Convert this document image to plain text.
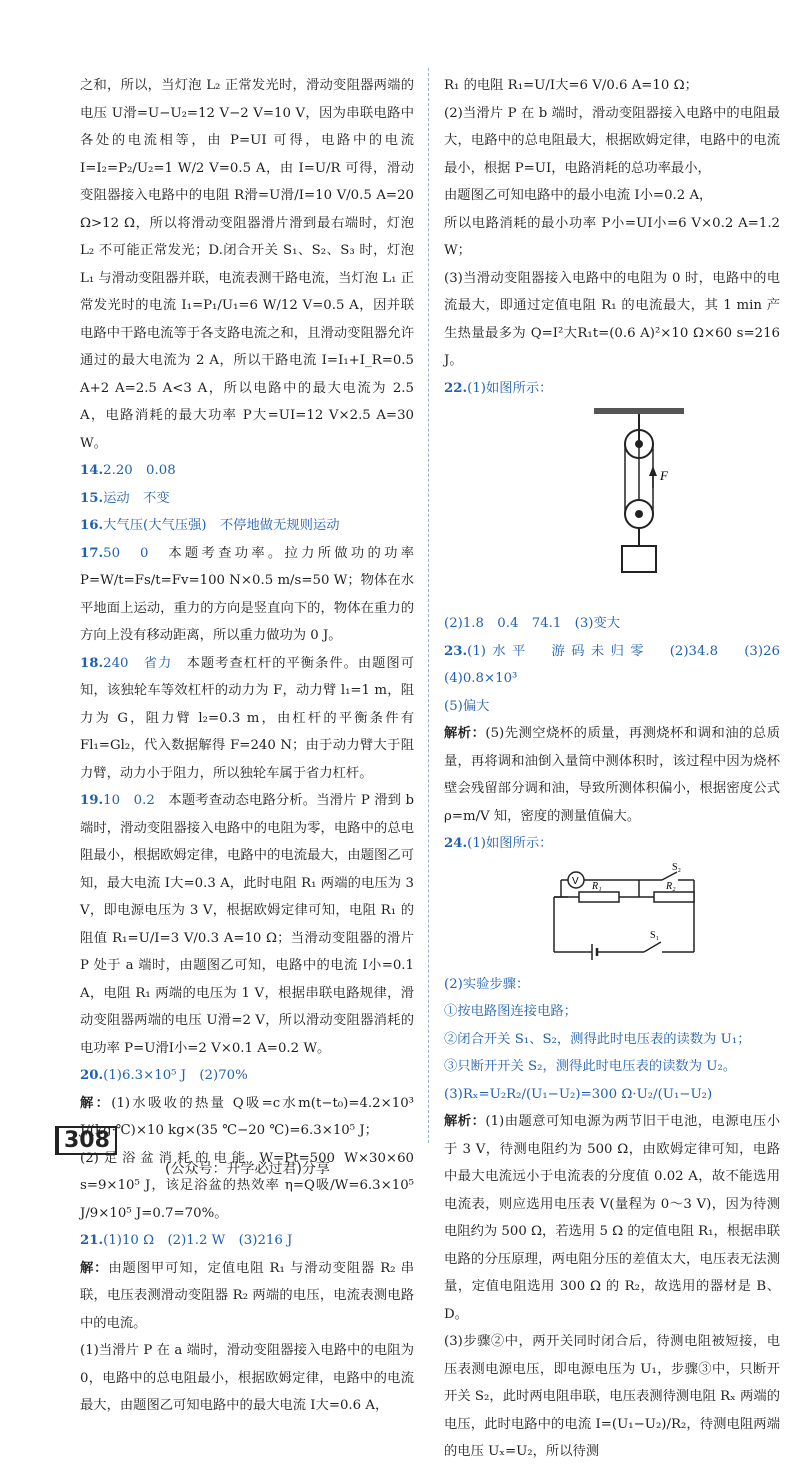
之和，所以，当灯泡 L₂ 正常发光时，滑动变阻器两端的电压 U滑=U−U₂=12 V−2 V=10 V，因为串联电路中各处的电流相等，由 P=UI 可得，电路中的电流 I=I₂=P₂/U₂=1 W/2 V=0.5 A，由 I=U/R 可得，滑动变阻器接入电路中的电阻 R滑=U滑/I=10 V/0.5 A=20 Ω>12 Ω，所以将滑动变阻器滑片滑到最右端时，灯泡 L₂ 不可能正常发光；D.闭合开关 S₁、S₂、S₃ 时，灯泡 L₁ 与滑动变阻器并联，电流表测干路电流，当灯泡 L₁ 正常发光时的电流 I₁=P₁/U₁=6 W/12 V=0.5 A，因并联电路中干路电流等于各支路电流之和，且滑动变阻器允许通过的最大电流为 2 A，所以干路电流 I=I₁+I_R=0.5 A+2 A=2.5 A<3 A，所以电路中的最大电流为 2.5 A，电路消耗的最大功率 P大=UI=12 V×2.5 A=30 W。
14.2.20　0.08
15.运动　不变
16.大气压(大气压强)　不停地做无规则运动
17.50　0　 本题考查功率。拉力所做功的功率 P=W/t=Fs/t=Fv=100 N×0.5 m/s=50 W；物体在水平地面上运动，重力的方向是竖直向下的，物体在重力的方向上没有移动距离，所以重力做功为 0 J。
18.240　省力　 本题考查杠杆的平衡条件。由题图可知，该独轮车等效杠杆的动力为 F，动力臂 l₁=1 m，阻力为 G，阻力臂 l₂=0.3 m，由杠杆的平衡条件有 Fl₁=Gl₂，代入数据解得 F=240 N；由于动力臂大于阻力臂，动力小于阻力，所以独轮车属于省力杠杆。
19.10　0.2　 本题考查动态电路分析。当滑片 P 滑到 b 端时，滑动变阻器接入电路中的电阻为零，电路中的总电阻最小，根据欧姆定律，电路中的电流最大，由题图乙可知，最大电流 I大=0.3 A，此时电阻 R₁ 两端的电压为 3 V，即电源电压为 3 V，根据欧姆定律可知，电阻 R₁ 的阻值 R₁=U/I=3 V/0.3 A=10 Ω；当滑动变阻器的滑片 P 处于 a 端时，由题图乙可知，电路中的电流 I小=0.1 A，电阻 R₁ 两端的电压为 1 V，根据串联电路规律，滑动变阻器两端的电压 U滑=2 V，所以滑动变阻器消耗的电功率 P=U滑I小=2 V×0.1 A=0.2 W。
20.(1)6.3×10⁵ J　(2)70%
解：(1)水吸收的热量 Q吸=c水m(t−t₀)=4.2×10³ J/(kg·℃)×10 kg×(35 ℃−20 ℃)=6.3×10⁵ J；
(2)足浴盆消耗的电能 W=Pt=500 W×30×60 s=9×10⁵ J，该足浴盆的热效率 η=Q吸/W=6.3×10⁵ J/9×10⁵ J=0.7=70%。
21.(1)10 Ω　(2)1.2 W　(3)216 J
解：由题图甲可知，定值电阻 R₁ 与滑动变阻器 R₂ 串联，电压表测滑动变阻器 R₂ 两端的电压，电流表测电路中的电流。
(1)当滑片 P 在 a 端时，滑动变阻器接入电路中的电阻为 0，电路中的总电阻最小，根据欧姆定律，电路中的电流最大，由题图乙可知电路中的最大电流 I大=0.6 A，
R₁ 的电阻 R₁=U/I大=6 V/0.6 A=10 Ω；
(2)当滑片 P 在 b 端时，滑动变阻器接入电路中的电阻最大，电路中的总电阻最大，根据欧姆定律，电路中的电流最小，根据 P=UI，电路消耗的总功率最小，
由题图乙可知电路中的最小电流 I小=0.2 A，
所以电路消耗的最小功率 P小=UI小=6 V×0.2 A=1.2 W；
(3)当滑动变阻器接入电路中的电阻为 0 时，电路中的电流最大，即通过定值电阻 R₁ 的电流最大，其 1 min 产生热量最多为 Q=I²大R₁t=(0.6 A)²×10 Ω×60 s=216 J。
22.(1)如图所示：
F
(2)1.8　0.4　74.1　(3)变大
23.(1)水平　游码未归零　(2)34.8　(3)26　(4)0.8×10³
(5)偏大
解析：(5)先测空烧杯的质量，再测烧杯和调和油的总质量，再将调和油倒入量筒中测体积时，该过程中因为烧杯壁会残留部分调和油，导致所测体积偏小，根据密度公式 ρ=m/V 知，密度的测量值偏大。
24.(1)如图所示：
V
S₂
R₁	R₂
S₁
(2)实验步骤：
①按电路图连接电路；
②闭合开关 S₁、S₂，测得此时电压表的读数为 U₁；
③只断开开关 S₂，测得此时电压表的读数为 U₂。
(3)Rₓ=U₂R₂/(U₁−U₂)=300 Ω·U₂/(U₁−U₂)
解析：(1)由题意可知电源为两节旧干电池，电源电压小于 3 V，待测电阻约为 500 Ω，由欧姆定律可知，电路中最大电流远小于电流表的分度值 0.02 A，故不能选用电流表，则应选用电压表 V(量程为 0～3 V)，因为待测电阻约为 500 Ω，若选用 5 Ω 的定值电阻 R₁，根据串联电路的分压原理，两电阻分压的差值太大，电压表无法测量，定值电阻选用 300 Ω 的 R₂，故选用的器材是 B、D。
(3)步骤②中，两开关同时闭合后，待测电阻被短接，电压表测电源电压，即电源电压为 U₁，步骤③中，只断开开关 S₂，此时两电阻串联，电压表测待测电阻 Rₓ 两端的电压，此时电路中的电流 I=(U₁−U₂)/R₂，待测电阻两端的电压 Uₓ=U₂，所以待测
308
(公众号：升学必过君)分享
